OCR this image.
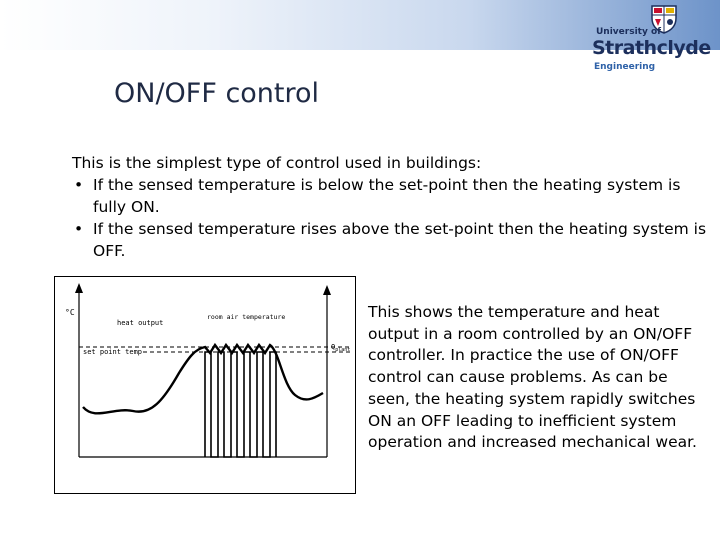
University of
Strathclyde
Engineering
ON/OFF control
This is the simplest type of control used in buildings:
• If the sensed temperature is below the set-point then the heating system is fully ON.
• If the sensed temperature rises above the set-point then the heating system is OFF.
°C
heat output
room air temperature
set point temp
$Q_{plant}$
This shows the temperature and heat output in a room controlled by an ON/OFF controller. In practice the use of ON/OFF control can cause problems. As can be seen, the heating system rapidly switches ON an OFF leading to inefficient system operation and increased mechanical wear.
